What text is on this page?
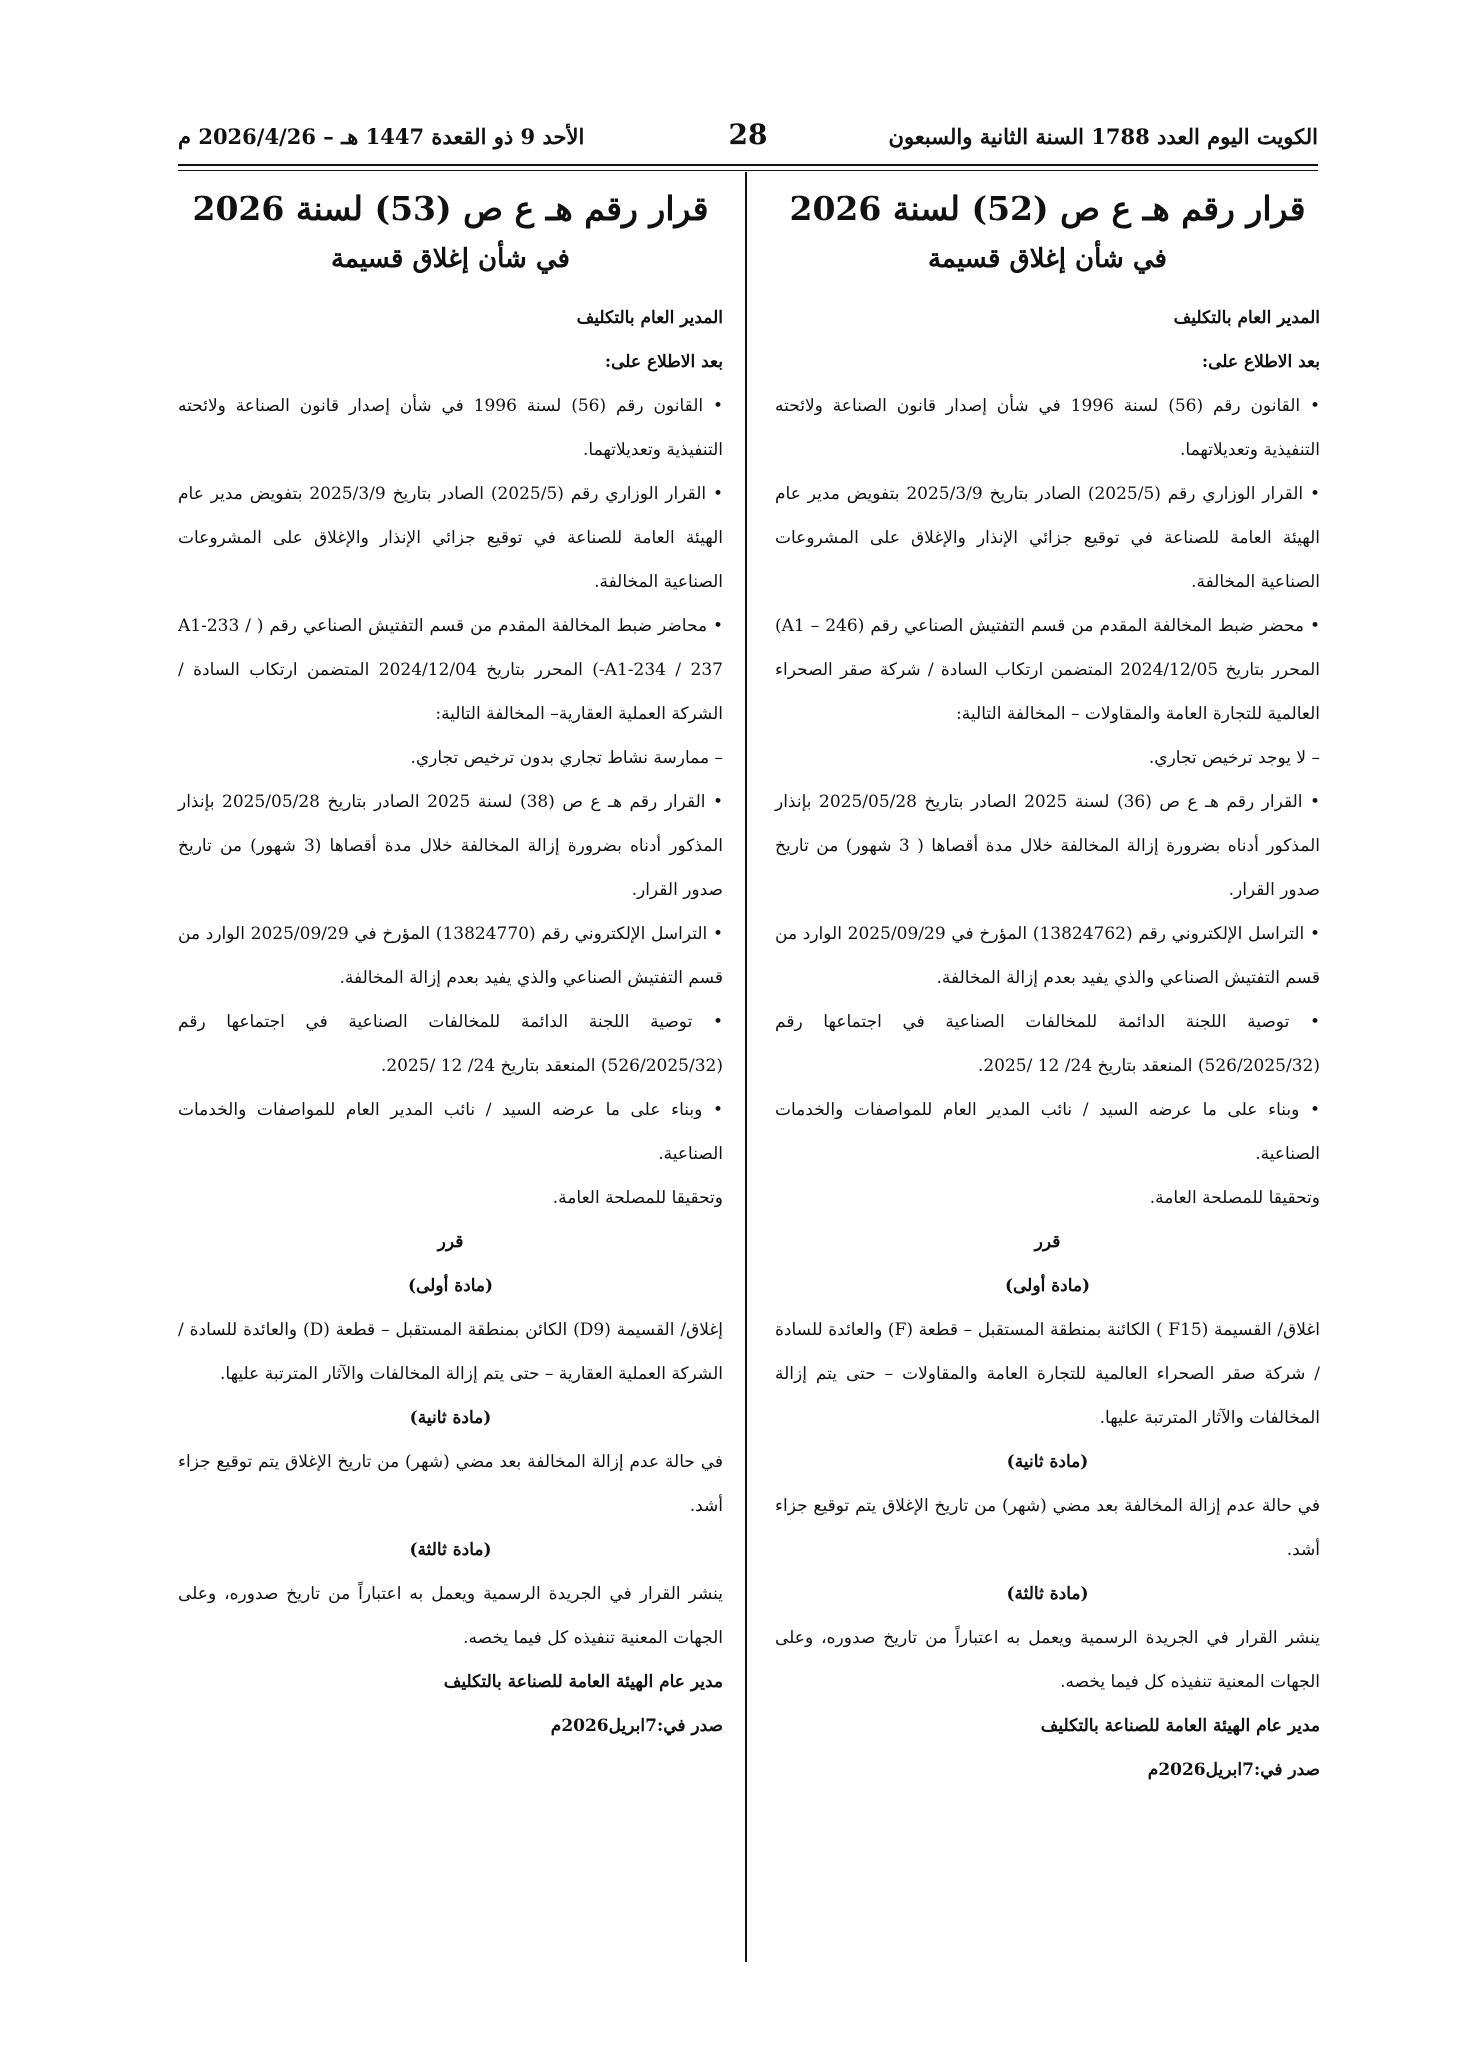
الكويت اليوم العدد 1788 السنة الثانية والسبعون
28
الأحد 9 ذو القعدة 1447 هـ – 2026/4/26 م

قرار رقم هـ ع ص (52) لسنة 2026

في شأن إغلاق قسيمة

المدير العام بالتكليف

بعد الاطلاع على:

• القانون رقم (56) لسنة 1996 في شأن إصدار قانون الصناعة ولائحته التنفيذية وتعديلاتهما.

• القرار الوزاري رقم (2025/5) الصادر بتاريخ 2025/3/9 بتفويض مدير عام الهيئة العامة للصناعة في توقيع جزائي الإنذار والإغلاق على المشروعات الصناعية المخالفة.

• محضر ضبط المخالفة المقدم من قسم التفتيش الصناعي رقم (A1 – 246) المحرر بتاريخ 2024/12/05 المتضمن ارتكاب السادة / شركة صقر الصحراء العالمية للتجارة العامة والمقاولات – المخالفة التالية:

– لا يوجد ترخيص تجاري.

• القرار رقم هـ ع ص (36) لسنة 2025 الصادر بتاريخ 2025/05/28 بإنذار المذكور أدناه بضرورة إزالة المخالفة خلال مدة أقصاها ( 3 شهور) من تاريخ صدور القرار.

• التراسل الإلكتروني رقم (13824762) المؤرخ في 2025/09/29 الوارد من قسم التفتيش الصناعي والذي يفيد بعدم إزالة المخالفة.

• توصية اللجنة الدائمة للمخالفات الصناعية في اجتماعها رقم (526/2025/32) المنعقد بتاريخ 24/ 12 /2025.

• وبناء على ما عرضه السيد / نائب المدير العام للمواصفات والخدمات الصناعية.

وتحقيقا للمصلحة العامة.

قرر

(مادة أولى)

اغلاق/ القسيمة (F15 ) الكائنة بمنطقة المستقبل – قطعة (F) والعائدة للسادة / شركة صقر الصحراء العالمية للتجارة العامة والمقاولات – حتى يتم إزالة المخالفات والآثار المترتبة عليها.

(مادة ثانية)

في حالة عدم إزالة المخالفة بعد مضي (شهر) من تاريخ الإغلاق يتم توقيع جزاء أشد.

(مادة ثالثة)

ينشر القرار في الجريدة الرسمية ويعمل به اعتباراً من تاريخ صدوره، وعلى الجهات المعنية تنفيذه كل فيما يخصه.

مدير عام الهيئة العامة للصناعة بالتكليف

صدر في:7ابريل2026م

قرار رقم هـ ع ص (53) لسنة 2026

في شأن إغلاق قسيمة

المدير العام بالتكليف

بعد الاطلاع على:

• القانون رقم (56) لسنة 1996 في شأن إصدار قانون الصناعة ولائحته التنفيذية وتعديلاتهما.

• القرار الوزاري رقم (2025/5) الصادر بتاريخ 2025/3/9 بتفويض مدير عام الهيئة العامة للصناعة في توقيع جزائي الإنذار والإغلاق على المشروعات الصناعية المخالفة.

• محاضر ضبط المخالفة المقدم من قسم التفتيش الصناعي رقم ( A1-233 / A1-234 / 237-) المحرر بتاريخ 2024/12/04 المتضمن ارتكاب السادة / الشركة العملية العقارية– المخالفة التالية:

– ممارسة نشاط تجاري بدون ترخيص تجاري.

• القرار رقم هـ ع ص (38) لسنة 2025 الصادر بتاريخ 2025/05/28 بإنذار المذكور أدناه بضرورة إزالة المخالفة خلال مدة أقصاها (3 شهور) من تاريخ صدور القرار.

• التراسل الإلكتروني رقم (13824770) المؤرخ في 2025/09/29 الوارد من قسم التفتيش الصناعي والذي يفيد بعدم إزالة المخالفة.

• توصية اللجنة الدائمة للمخالفات الصناعية في اجتماعها رقم (526/2025/32) المنعقد بتاريخ 24/ 12 /2025.

• وبناء على ما عرضه السيد / نائب المدير العام للمواصفات والخدمات الصناعية.

وتحقيقا للمصلحة العامة.

قرر

(مادة أولى)

إغلاق/ القسيمة (D9) الكائن بمنطقة المستقبل – قطعة (D) والعائدة للسادة / الشركة العملية العقارية – حتى يتم إزالة المخالفات والآثار المترتبة عليها.

(مادة ثانية)

في حالة عدم إزالة المخالفة بعد مضي (شهر) من تاريخ الإغلاق يتم توقيع جزاء أشد.

(مادة ثالثة)

ينشر القرار في الجريدة الرسمية ويعمل به اعتباراً من تاريخ صدوره، وعلى الجهات المعنية تنفيذه كل فيما يخصه.

مدير عام الهيئة العامة للصناعة بالتكليف

صدر في:7ابريل2026م
